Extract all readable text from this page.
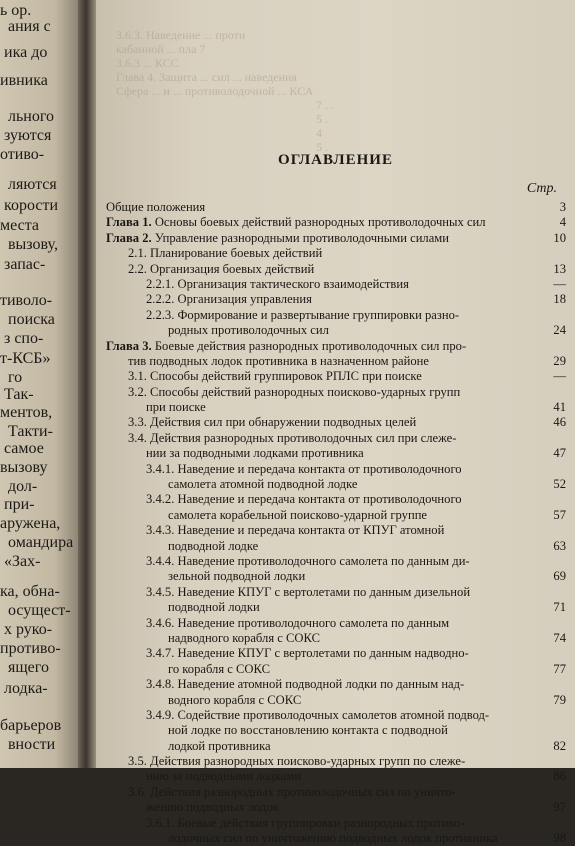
ь ор.
ания с
ика до
ивника
льного
зуются
отиво-
ляются
корости
места
вызову,
запас-
тиволо-
поиска
з спо-
т-КСБ»
го
Так-
ментов,
Такти-
самое
вызову
дол-
при-
аружена,
омандира
«Зах-
ка, обна-
осущест-
х руко-
противо-
ящего
лодка-
барьеров
вности
3.6.3. Наведение ... проти
кабанной ... пла 7
3.6.3 ... КСС
Глава 4. Защита ... сил ... наведения
Сфера ... и ... противолодочной ... КСА
7 . .
5 .
4
5 .
ОГЛАВЛЕНИЕ
Стр.
Общие положения	3
Глава 1. Основы боевых действий разнородных противолодочных сил	4
Глава 2. Управление разнородными противолодочными силами	10
2.1. Планирование боевых действий
2.2. Организация боевых действий	13
2.2.1. Организация тактического взаимодействия	—
2.2.2. Организация управления	18
2.2.3. Формирование и развертывание группировки разно-
родных противолодочных сил	24
Глава 3. Боевые действия разнородных противолодочных сил про-
тив подводных лодок противника в назначенном районе	29
3.1. Способы действий группировок РПЛС при поиске	—
3.2. Способы действий разнородных поисково-ударных групп
при поиске	41
3.3. Действия сил при обнаружении подводных целей	46
3.4. Действия разнородных противолодочных сил при слеже-
нии за подводными лодками противника	47
3.4.1. Наведение и передача контакта от противолодочного
самолета атомной подводной лодке	52
3.4.2. Наведение и передача контакта от противолодочного
самолета корабельной поисково-ударной группе	57
3.4.3. Наведение и передача контакта от КПУГ атомной
подводной лодке	63
3.4.4. Наведение противолодочного самолета по данным ди-
зельной подводной лодки	69
3.4.5. Наведение КПУГ с вертолетами по данным дизельной
подводной лодки	71
3.4.6. Наведение противолодочного самолета по данным
надводного корабля с СОКС	74
3.4.7. Наведение КПУГ с вертолетами по данным надводно-
го корабля с СОКС	77
3.4.8. Наведение атомной подводной лодки по данным над-
водного корабля с СОКС	79
3.4.9. Содействие противолодочных самолетов атомной подвод-
ной лодке по восстановлению контакта с подводной
лодкой противника	82
3.5. Действия разнородных поисково-ударных групп по слеже-
нию за подводными лодками	86
3.6. Действия разнородных противолодочных сил по уничто-
жению подводных лодок	97
3.6.1. Боевые действия группировки разнородных противо-
лодочных сил по уничтожению подводных лодок противника	98
